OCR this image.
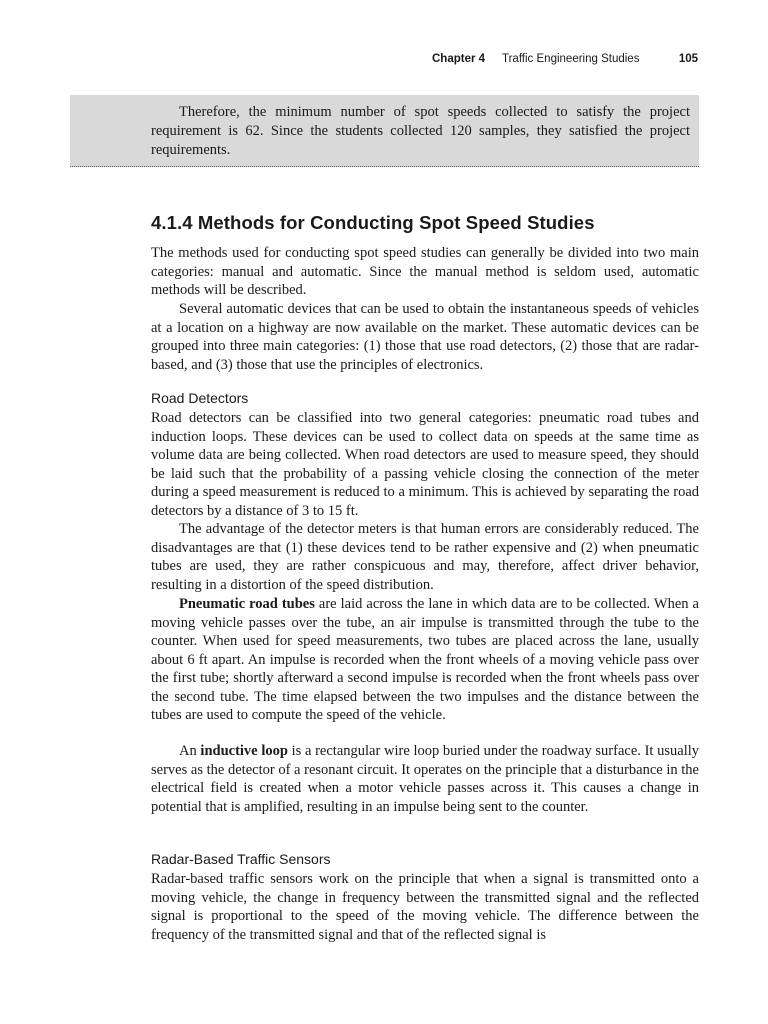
Chapter 4 Traffic Engineering Studies	105

Therefore, the minimum number of spot speeds collected to satisfy the project requirement is 62. Since the students collected 120 samples, they satisfied the project requirements.

4.1.4 Methods for Conducting Spot Speed Studies

The methods used for conducting spot speed studies can generally be divided into two main categories: manual and automatic. Since the manual method is seldom used, automatic methods will be described.

Several automatic devices that can be used to obtain the instantaneous speeds of vehicles at a location on a highway are now available on the market. These automatic devices can be grouped into three main categories: (1) those that use road detectors, (2) those that are radar-based, and (3) those that use the principles of electronics.

Road Detectors

Road detectors can be classified into two general categories: pneumatic road tubes and induction loops. These devices can be used to collect data on speeds at the same time as volume data are being collected. When road detectors are used to measure speed, they should be laid such that the probability of a passing vehicle closing the connection of the meter during a speed measurement is reduced to a minimum. This is achieved by separating the road detectors by a distance of 3 to 15 ft.

The advantage of the detector meters is that human errors are considerably reduced. The disadvantages are that (1) these devices tend to be rather expensive and (2) when pneumatic tubes are used, they are rather conspicuous and may, therefore, affect driver behavior, resulting in a distortion of the speed distribution.

Pneumatic road tubes are laid across the lane in which data are to be collected. When a moving vehicle passes over the tube, an air impulse is transmitted through the tube to the counter. When used for speed measurements, two tubes are placed across the lane, usually about 6 ft apart. An impulse is recorded when the front wheels of a moving vehicle pass over the first tube; shortly afterward a second impulse is recorded when the front wheels pass over the second tube. The time elapsed between the two impulses and the distance between the tubes are used to compute the speed of the vehicle.

An inductive loop is a rectangular wire loop buried under the roadway surface. It usually serves as the detector of a resonant circuit. It operates on the principle that a disturbance in the electrical field is created when a motor vehicle passes across it. This causes a change in potential that is amplified, resulting in an impulse being sent to the counter.

Radar-Based Traffic Sensors

Radar-based traffic sensors work on the principle that when a signal is transmitted onto a moving vehicle, the change in frequency between the transmitted signal and the reflected signal is proportional to the speed of the moving vehicle. The difference between the frequency of the transmitted signal and that of the reflected signal is
